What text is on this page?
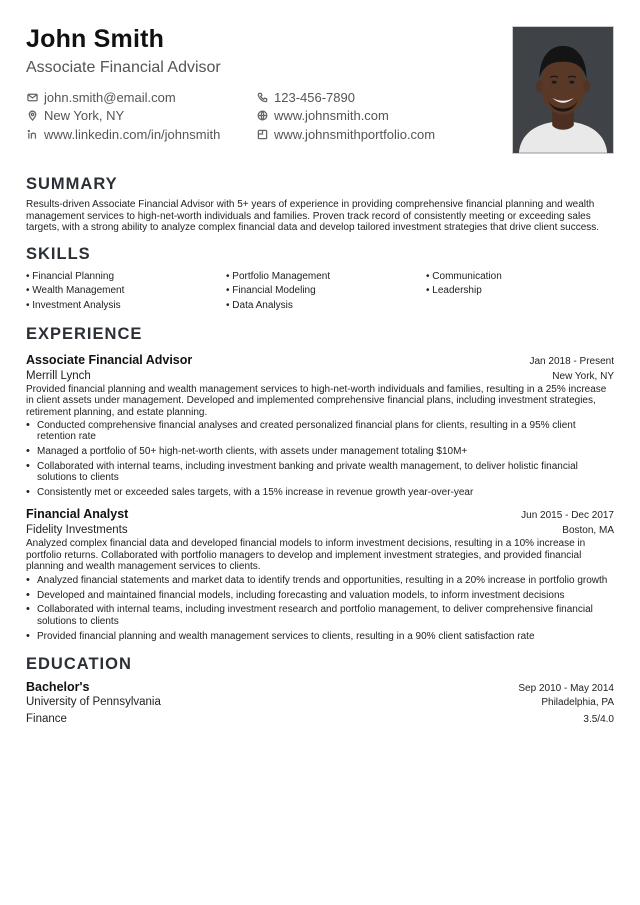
John Smith
Associate Financial Advisor
john.smith@email.com	123-456-7890
New York, NY	www.johnsmith.com
www.linkedin.com/in/johnsmith	www.johnsmithportfolio.com
SUMMARY
Results-driven Associate Financial Advisor with 5+ years of experience in providing comprehensive financial planning and wealth management services to high-net-worth individuals and families. Proven track record of consistently meeting or exceeding sales targets, with a strong ability to analyze complex financial data and develop tailored investment strategies that drive client success.
SKILLS
• Financial Planning	• Portfolio Management	• Communication
• Wealth Management	• Financial Modeling	• Leadership
• Investment Analysis	• Data Analysis
EXPERIENCE
Associate Financial Advisor	Jan 2018 - Present
Merrill Lynch	New York, NY
Provided financial planning and wealth management services to high-net-worth individuals and families, resulting in a 25% increase in client assets under management. Developed and implemented comprehensive financial plans, including investment strategies, retirement planning, and estate planning.
• Conducted comprehensive financial analyses and created personalized financial plans for clients, resulting in a 95% client retention rate
• Managed a portfolio of 50+ high-net-worth clients, with assets under management totaling $10M+
• Collaborated with internal teams, including investment banking and private wealth management, to deliver holistic financial solutions to clients
• Consistently met or exceeded sales targets, with a 15% increase in revenue growth year-over-year
Financial Analyst	Jun 2015 - Dec 2017
Fidelity Investments	Boston, MA
Analyzed complex financial data and developed financial models to inform investment decisions, resulting in a 10% increase in portfolio returns. Collaborated with portfolio managers to develop and implement investment strategies, and provided financial planning and wealth management services to clients.
• Analyzed financial statements and market data to identify trends and opportunities, resulting in a 20% increase in portfolio growth
• Developed and maintained financial models, including forecasting and valuation models, to inform investment decisions
• Collaborated with internal teams, including investment research and portfolio management, to deliver comprehensive financial solutions to clients
• Provided financial planning and wealth management services to clients, resulting in a 90% client satisfaction rate
EDUCATION
Bachelor's	Sep 2010 - May 2014
University of Pennsylvania	Philadelphia, PA
Finance	3.5/4.0
